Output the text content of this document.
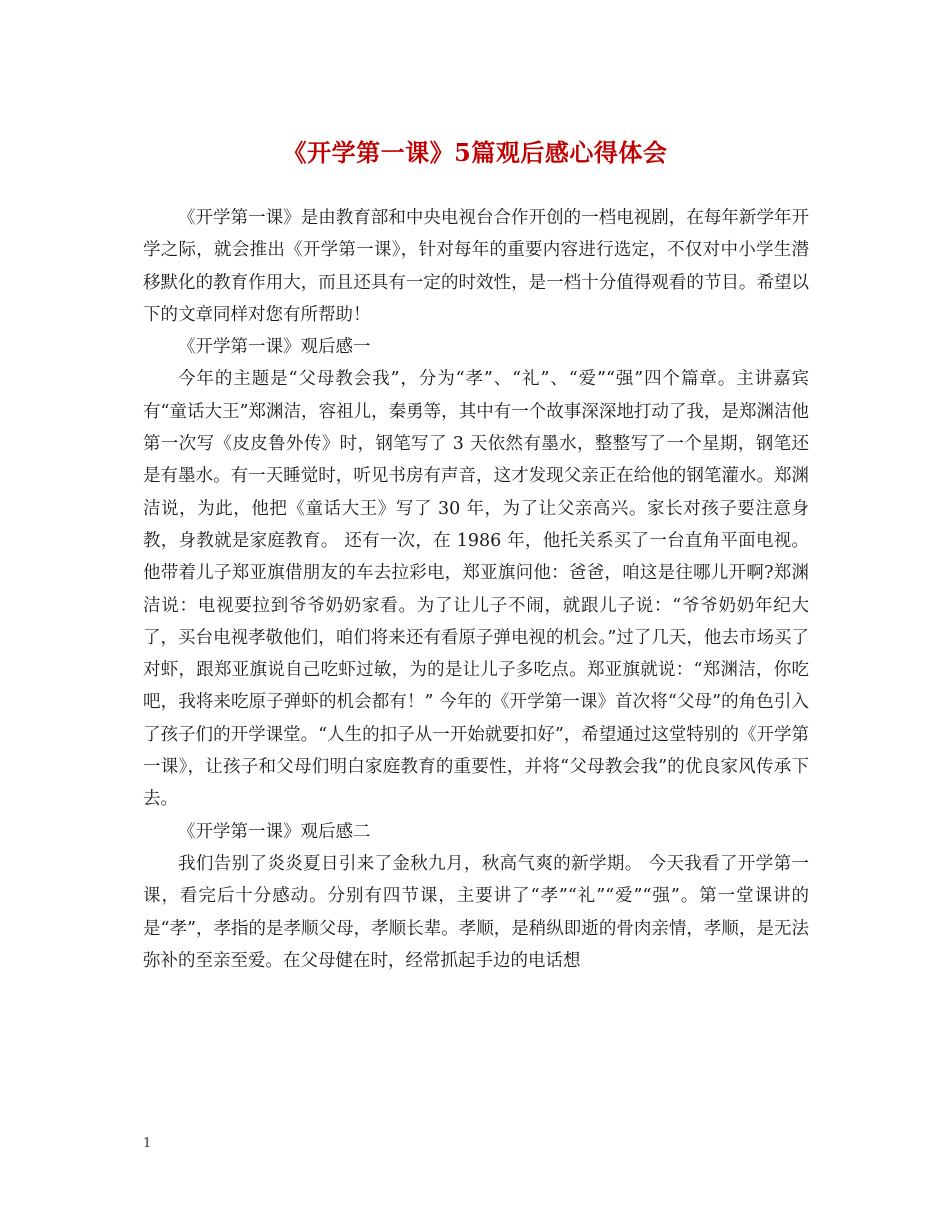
《开学第一课》5篇观后感心得体会

《开学第一课》是由教育部和中央电视台合作开创的一档电视剧，在每年新学年开学之际，就会推出《开学第一课》，针对每年的重要内容进行选定，不仅对中小学生潜移默化的教育作用大，而且还具有一定的时效性，是一档十分值得观看的节目。希望以下的文章同样对您有所帮助！

《开学第一课》观后感一

今年的主题是“父母教会我”，分为“孝”、“礼”、“爱”“强”四个篇章。主讲嘉宾有“童话大王”郑渊洁，容祖儿，秦勇等，其中有一个故事深深地打动了我，是郑渊洁他第一次写《皮皮鲁外传》时，钢笔写了 3 天依然有墨水，整整写了一个星期，钢笔还是有墨水。有一天睡觉时，听见书房有声音，这才发现父亲正在给他的钢笔灌水。郑渊洁说，为此，他把《童话大王》写了 30 年，为了让父亲高兴。家长对孩子要注意身教，身教就是家庭教育。 还有一次，在 1986 年，他托关系买了一台直角平面电视。他带着儿子郑亚旗借朋友的车去拉彩电，郑亚旗问他：爸爸，咱这是往哪儿开啊?郑渊洁说：电视要拉到爷爷奶奶家看。为了让儿子不闹，就跟儿子说：“爷爷奶奶年纪大了，买台电视孝敬他们，咱们将来还有看原子弹电视的机会。”过了几天，他去市场买了对虾，跟郑亚旗说自己吃虾过敏，为的是让儿子多吃点。郑亚旗就说：“郑渊洁，你吃吧，我将来吃原子弹虾的机会都有！” 今年的《开学第一课》首次将“父母”的角色引入了孩子们的开学课堂。“人生的扣子从一开始就要扣好”，希望通过这堂特别的《开学第一课》，让孩子和父母们明白家庭教育的重要性，并将“父母教会我”的优良家风传承下去。

《开学第一课》观后感二

我们告别了炎炎夏日引来了金秋九月，秋高气爽的新学期。 今天我看了开学第一课，看完后十分感动。分别有四节课，主要讲了“孝”“礼”“爱”“强”。第一堂课讲的是“孝”，孝指的是孝顺父母，孝顺长辈。孝顺，是稍纵即逝的骨肉亲情，孝顺，是无法弥补的至亲至爱。在父母健在时，经常抓起手边的电话想

1
